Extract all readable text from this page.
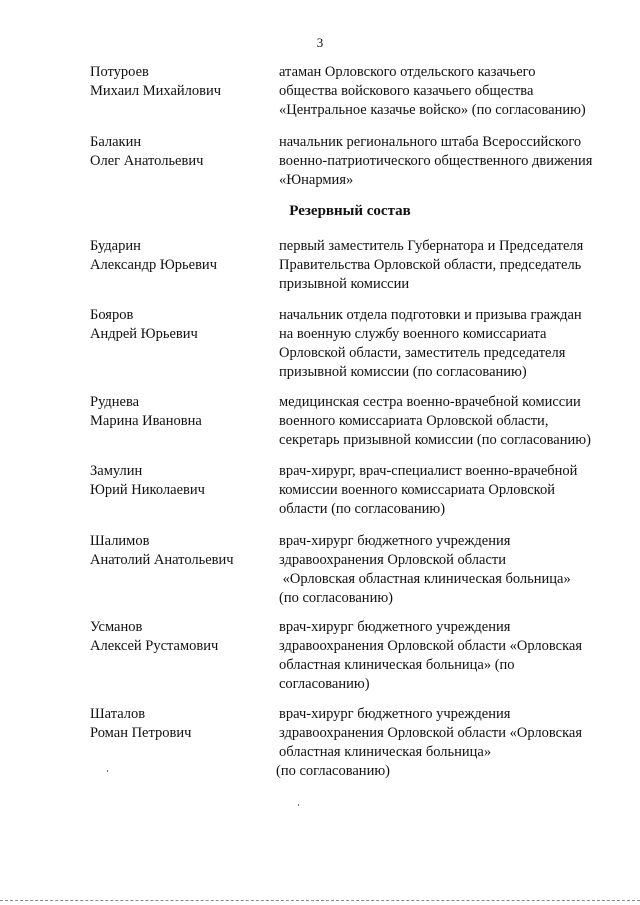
3
Потуроев
Михаил Михайлович
атаман Орловского отдельского казачьего
общества войскового казачьего общества
«Центральное казачье войско» (по согласованию)
Балакин
Олег Анатольевич
начальник регионального штаба Всероссийского
военно-патриотического общественного движения
«Юнармия»
Резервный состав
Бударин
Александр Юрьевич
первый заместитель Губернатора и Председателя
Правительства Орловской области, председатель
призывной комиссии
Бояров
Андрей Юрьевич
начальник отдела подготовки и призыва граждан
на военную службу военного комиссариата
Орловской области, заместитель председателя
призывной комиссии (по согласованию)
Руднева
Марина Ивановна
медицинская сестра военно-врачебной комиссии
военного комиссариата Орловской области,
секретарь призывной комиссии (по согласованию)
Замулин
Юрий Николаевич
врач-хирург, врач-специалист военно-врачебной
комиссии военного комиссариата Орловской
области (по согласованию)
Шалимов
Анатолий Анатольевич
врач-хирург бюджетного учреждения
здравоохранения Орловской области
«Орловская областная клиническая больница»
(по согласованию)
Усманов
Алексей Рустамович
врач-хирург бюджетного учреждения
здравоохранения Орловской области «Орловская
областная клиническая больница» (по
согласованию)
Шаталов
Роман Петрович
врач-хирург бюджетного учреждения
здравоохранения Орловской области «Орловская
областная клиническая больница»
(по согласованию)
